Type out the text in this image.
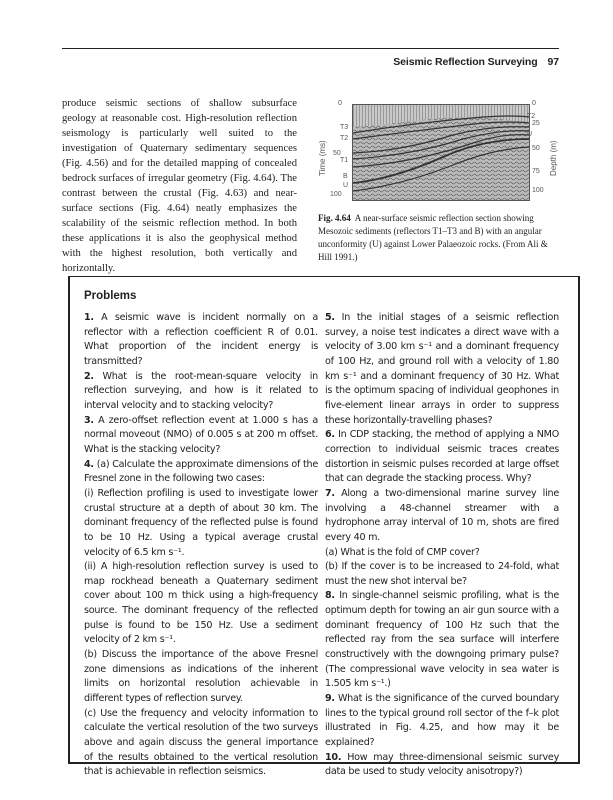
Seismic Reflection Surveying 97
produce seismic sections of shallow subsurface geology at reasonable cost. High-resolution reflection seismology is particularly well suited to the investigation of Quaternary sedimentary sequences (Fig. 4.56) and for the detailed mapping of concealed bedrock surfaces of irregular geometry (Fig. 4.64). The contrast between the crustal (Fig. 4.63) and near-surface sections (Fig. 4.64) neatly emphasizes the scalability of the seismic reflection method. In both these applications it is also the geophysical method with the highest resolution, both vertically and horizontally.
Time (ms)
0
50
100
T3
T2
T1
B
U
0
25
50
75
100
T2
U
Depth (m)
Fig. 4.64 A near-surface seismic reflection section showing Mesozoic sediments (reflectors T1–T3 and B) with an angular unconformity (U) against Lower Palaeozoic rocks. (From Ali & Hill 1991.)
Problems

1. A seismic wave is incident normally on a reflector with a reflection coefficient R of 0.01. What proportion of the incident energy is transmitted?

2. What is the root-mean-square velocity in reflection surveying, and how is it related to interval velocity and to stacking velocity?

3. A zero-offset reflection event at 1.000 s has a normal moveout (NMO) of 0.005 s at 200 m offset. What is the stacking velocity?

4. (a) Calculate the approximate dimensions of the Fresnel zone in the following two cases:

(i) Reflection profiling is used to investigate lower crustal structure at a depth of about 30 km. The dominant frequency of the reflected pulse is found to be 10 Hz. Using a typical average crustal velocity of 6.5 km s⁻¹.

(ii) A high-resolution reflection survey is used to map rockhead beneath a Quaternary sediment cover about 100 m thick using a high-frequency source. The dominant frequency of the reflected pulse is found to be 150 Hz. Use a sediment velocity of 2 km s⁻¹.

(b) Discuss the importance of the above Fresnel zone dimensions as indications of the inherent limits on horizontal resolution achievable in different types of reflection survey.

(c) Use the frequency and velocity information to calculate the vertical resolution of the two surveys above and again discuss the general importance of the results obtained to the vertical resolution that is achievable in reflection seismics.

5. In the initial stages of a seismic reflection survey, a noise test indicates a direct wave with a velocity of 3.00 km s⁻¹ and a dominant frequency of 100 Hz, and ground roll with a velocity of 1.80 km s⁻¹ and a dominant frequency of 30 Hz. What is the optimum spacing of individual geophones in five-element linear arrays in order to suppress these horizontally-travelling phases?

6. In CDP stacking, the method of applying a NMO correction to individual seismic traces creates distortion in seismic pulses recorded at large offset that can degrade the stacking process. Why?

7. Along a two-dimensional marine survey line involving a 48-channel streamer with a hydrophone array interval of 10 m, shots are fired every 40 m.

(a) What is the fold of CMP cover?

(b) If the cover is to be increased to 24-fold, what must the new shot interval be?

8. In single-channel seismic profiling, what is the optimum depth for towing an air gun source with a dominant frequency of 100 Hz such that the reflected ray from the sea surface will interfere constructively with the downgoing primary pulse? (The compressional wave velocity in sea water is 1.505 km s⁻¹.)

9. What is the significance of the curved boundary lines to the typical ground roll sector of the f–k plot illustrated in Fig. 4.25, and how may it be explained?

10. How may three-dimensional seismic survey data be used to study velocity anisotropy?)
